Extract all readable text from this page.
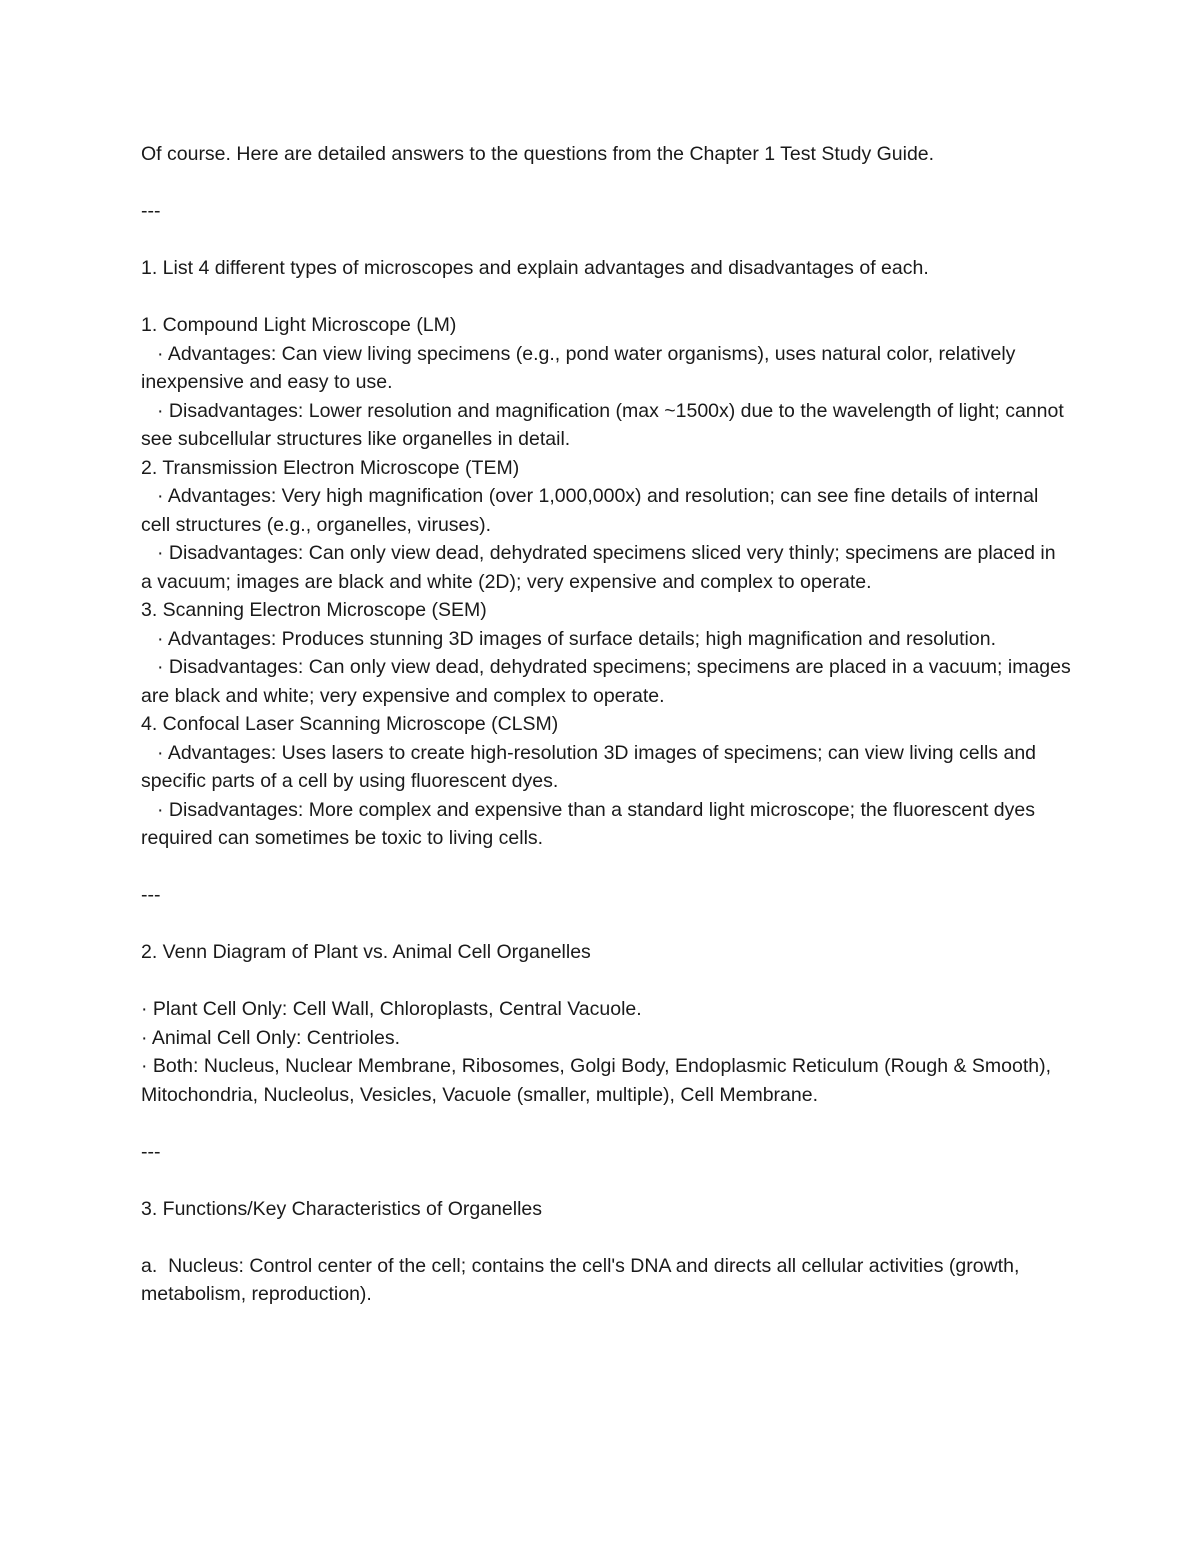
Of course. Here are detailed answers to the questions from the Chapter 1 Test Study Guide.

---

1. List 4 different types of microscopes and explain advantages and disadvantages of each.

1. Compound Light Microscope (LM)

· Advantages: Can view living specimens (e.g., pond water organisms), uses natural color, relatively inexpensive and easy to use.

· Disadvantages: Lower resolution and magnification (max ~1500x) due to the wavelength of light; cannot see subcellular structures like organelles in detail.

2. Transmission Electron Microscope (TEM)

· Advantages: Very high magnification (over 1,000,000x) and resolution; can see fine details of internal cell structures (e.g., organelles, viruses).

· Disadvantages: Can only view dead, dehydrated specimens sliced very thinly; specimens are placed in a vacuum; images are black and white (2D); very expensive and complex to operate.

3. Scanning Electron Microscope (SEM)

· Advantages: Produces stunning 3D images of surface details; high magnification and resolution.

· Disadvantages: Can only view dead, dehydrated specimens; specimens are placed in a vacuum; images are black and white; very expensive and complex to operate.

4. Confocal Laser Scanning Microscope (CLSM)

· Advantages: Uses lasers to create high-resolution 3D images of specimens; can view living cells and specific parts of a cell by using fluorescent dyes.

· Disadvantages: More complex and expensive than a standard light microscope; the fluorescent dyes required can sometimes be toxic to living cells.

---

2. Venn Diagram of Plant vs. Animal Cell Organelles

· Plant Cell Only: Cell Wall, Chloroplasts, Central Vacuole.

· Animal Cell Only: Centrioles.

· Both: Nucleus, Nuclear Membrane, Ribosomes, Golgi Body, Endoplasmic Reticulum (Rough & Smooth), Mitochondria, Nucleolus, Vesicles, Vacuole (smaller, multiple), Cell Membrane.

---

3. Functions/Key Characteristics of Organelles

a.  Nucleus: Control center of the cell; contains the cell's DNA and directs all cellular activities (growth, metabolism, reproduction).
